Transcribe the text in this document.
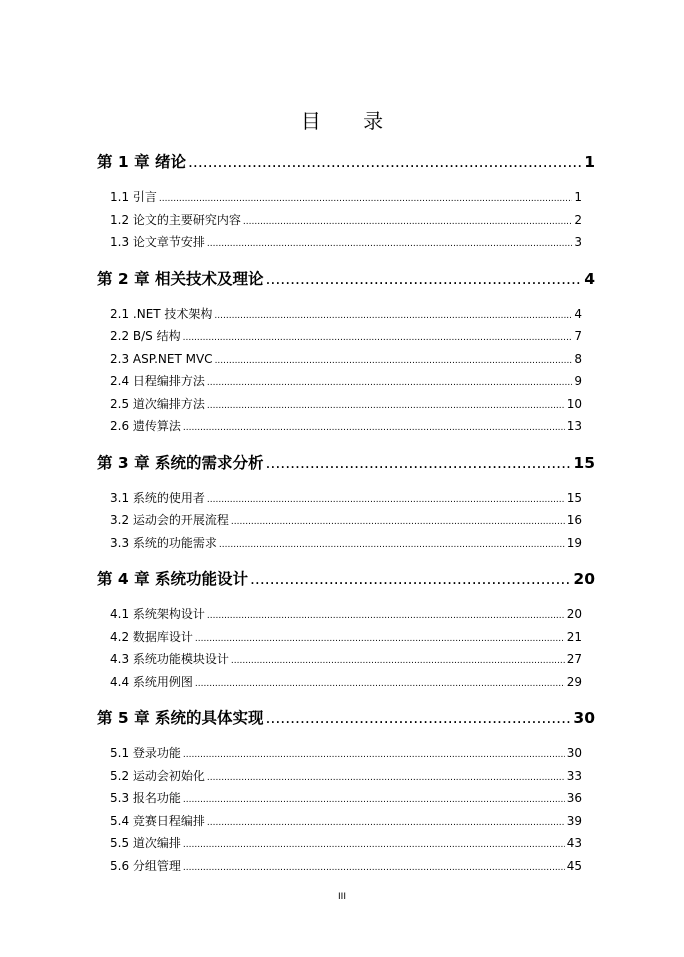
目 录
第 1 章 绪论 .....	1
1.1 引言 .....	1
1.2 论文的主要研究内容 .....	2
1.3 论文章节安排 .....	3
第 2 章 相关技术及理论 .....	4
2.1 .NET 技术架构 .....	4
2.2 B/S 结构 .....	7
2.3 ASP.NET MVC .....	8
2.4 日程编排方法 .....	9
2.5 道次编排方法 .....	10
2.6 遗传算法 .....	13
第 3 章 系统的需求分析 .....	15
3.1 系统的使用者 .....	15
3.2 运动会的开展流程 .....	16
3.3 系统的功能需求 .....	19
第 4 章 系统功能设计 .....	20
4.1 系统架构设计 .....	20
4.2 数据库设计 .....	21
4.3 系统功能模块设计 .....	27
4.4 系统用例图 .....	29
第 5 章 系统的具体实现 .....	30
5.1 登录功能 .....	30
5.2 运动会初始化 .....	33
5.3 报名功能 .....	36
5.4 竞赛日程编排 .....	39
5.5 道次编排 .....	43
5.6 分组管理 .....	45
III
